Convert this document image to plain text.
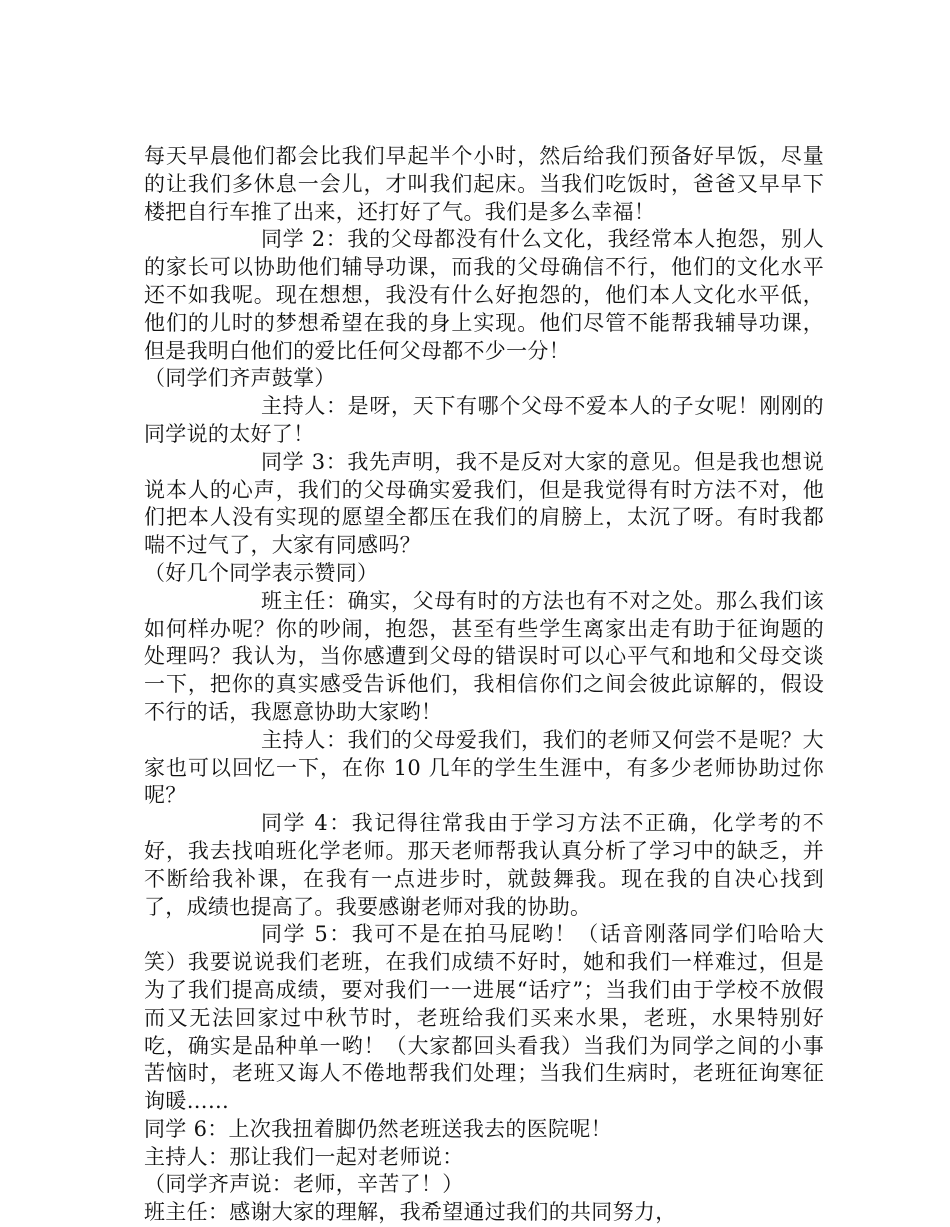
每天早晨他们都会比我们早起半个小时，然后给我们预备好早饭，尽量的让我们多休息一会儿，才叫我们起床。当我们吃饭时，爸爸又早早下楼把自行车推了出来，还打好了气。我们是多么幸福！

同学 2：我的父母都没有什么文化，我经常本人抱怨，别人的家长可以协助他们辅导功课，而我的父母确信不行，他们的文化水平还不如我呢。现在想想，我没有什么好抱怨的，他们本人文化水平低，他们的儿时的梦想希望在我的身上实现。他们尽管不能帮我辅导功课，但是我明白他们的爱比任何父母都不少一分！

（同学们齐声鼓掌）

主持人：是呀，天下有哪个父母不爱本人的子女呢！刚刚的同学说的太好了！

同学 3：我先声明，我不是反对大家的意见。但是我也想说说本人的心声，我们的父母确实爱我们，但是我觉得有时方法不对，他们把本人没有实现的愿望全都压在我们的肩膀上，太沉了呀。有时我都喘不过气了，大家有同感吗？

（好几个同学表示赞同）

班主任：确实，父母有时的方法也有不对之处。那么我们该如何样办呢？你的吵闹，抱怨，甚至有些学生离家出走有助于征询题的处理吗？我认为，当你感遭到父母的错误时可以心平气和地和父母交谈一下，把你的真实感受告诉他们，我相信你们之间会彼此谅解的，假设不行的话，我愿意协助大家哟！

主持人：我们的父母爱我们，我们的老师又何尝不是呢？大家也可以回忆一下，在你 10 几年的学生生涯中，有多少老师协助过你呢？

同学 4：我记得往常我由于学习方法不正确，化学考的不好，我去找咱班化学老师。那天老师帮我认真分析了学习中的缺乏，并不断给我补课，在我有一点进步时，就鼓舞我。现在我的自决心找到了，成绩也提高了。我要感谢老师对我的协助。

同学 5：我可不是在拍马屁哟！（话音刚落同学们哈哈大笑）我要说说我们老班，在我们成绩不好时，她和我们一样难过，但是为了我们提高成绩，要对我们一一进展“话疗”；当我们由于学校不放假而又无法回家过中秋节时，老班给我们买来水果，老班，水果特别好吃，确实是品种单一哟！（大家都回头看我）当我们为同学之间的小事苦恼时，老班又诲人不倦地帮我们处理；当我们生病时，老班征询寒征询暖……

同学 6：上次我扭着脚仍然老班送我去的医院呢！

主持人：那让我们一起对老师说：

（同学齐声说：老师，辛苦了！）

班主任：感谢大家的理解，我希望通过我们的共同努力，
